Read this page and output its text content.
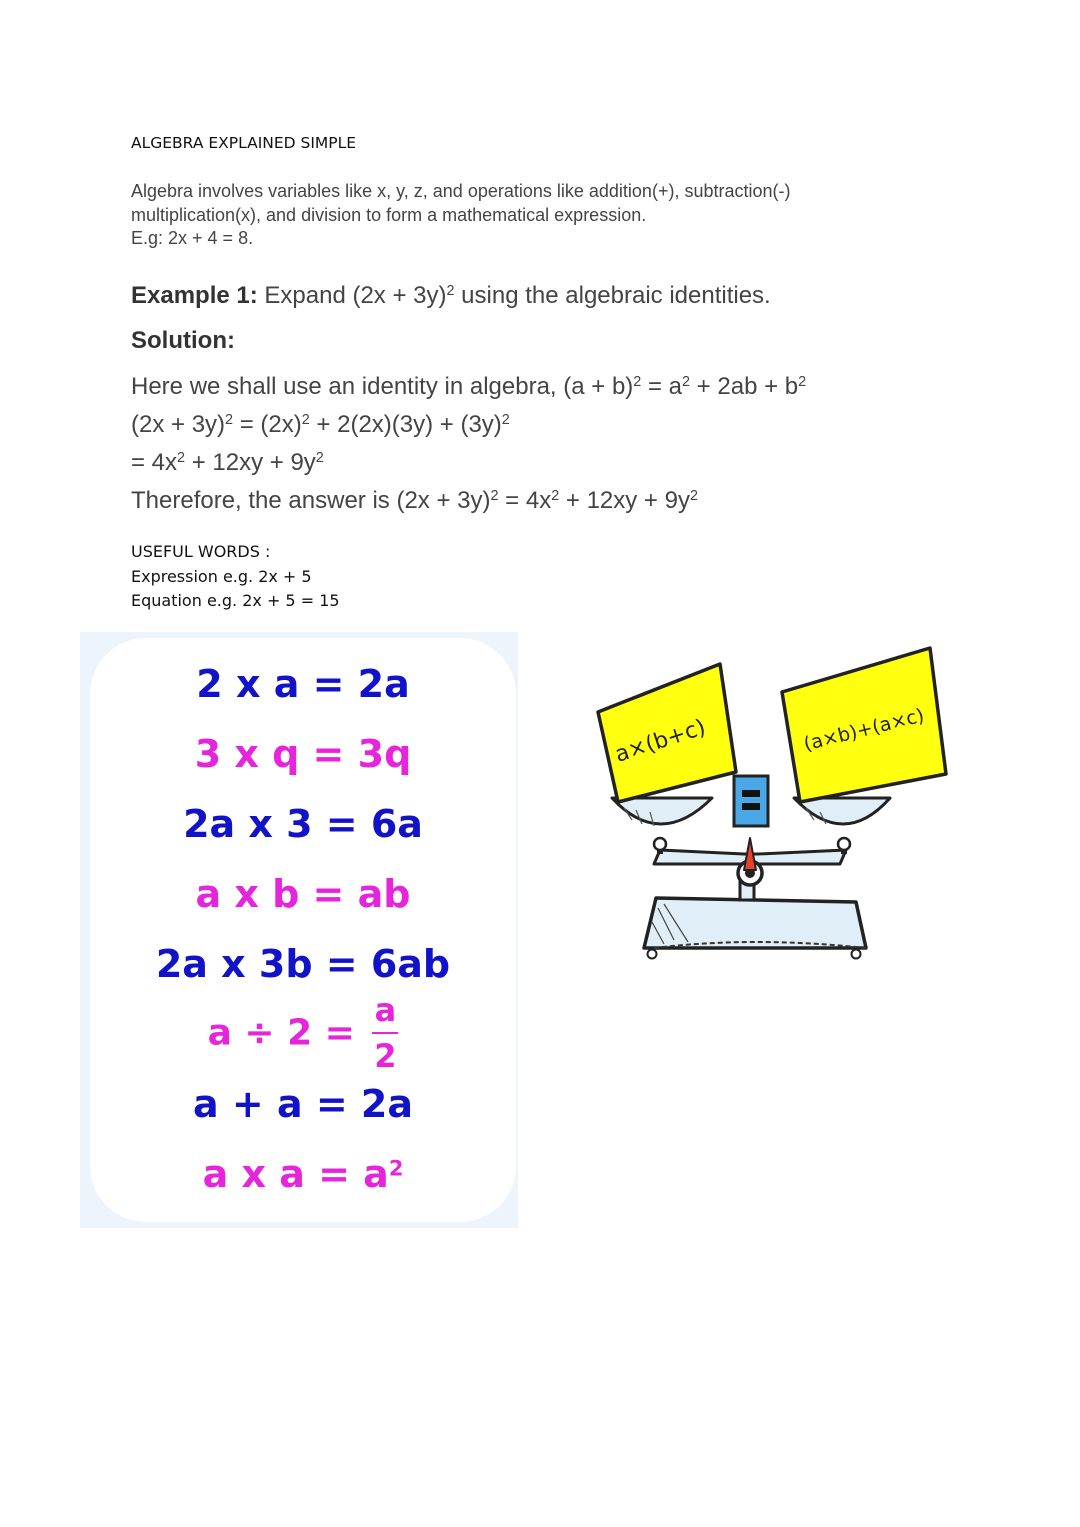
ALGEBRA EXPLAINED SIMPLE
Algebra involves variables like x, y, z, and operations like addition(+), subtraction(-)
multiplication(x), and division to form a mathematical expression.
E.g: 2x + 4 = 8.
Example 1: Expand $(2x + 3y)^2$ using the algebraic identities.
Solution:
Here we shall use an identity in algebra, $(a + b)^2 = a^2 + 2ab + b^2$
$(2x + 3y)^2 = (2x)^2 + 2(2x)(3y) + (3y)^2$
= $4x^2 + 12xy + 9y^2$
Therefore, the answer is $(2x + 3y)^2 = 4x^2 + 12xy + 9y^2$
USEFUL WORDS :
Expression e.g. 2x + 5
Equation e.g. 2x + 5 = 15
2 x a = 2a
3 x q = 3q
2a x 3 = 6a
a x b = ab
2a x 3b = 6ab
$a \div 2 = \frac{a}{2}$
a + a = 2a
a x $a = a^2$
a×(b+c)	(a×b)+(a×c)
